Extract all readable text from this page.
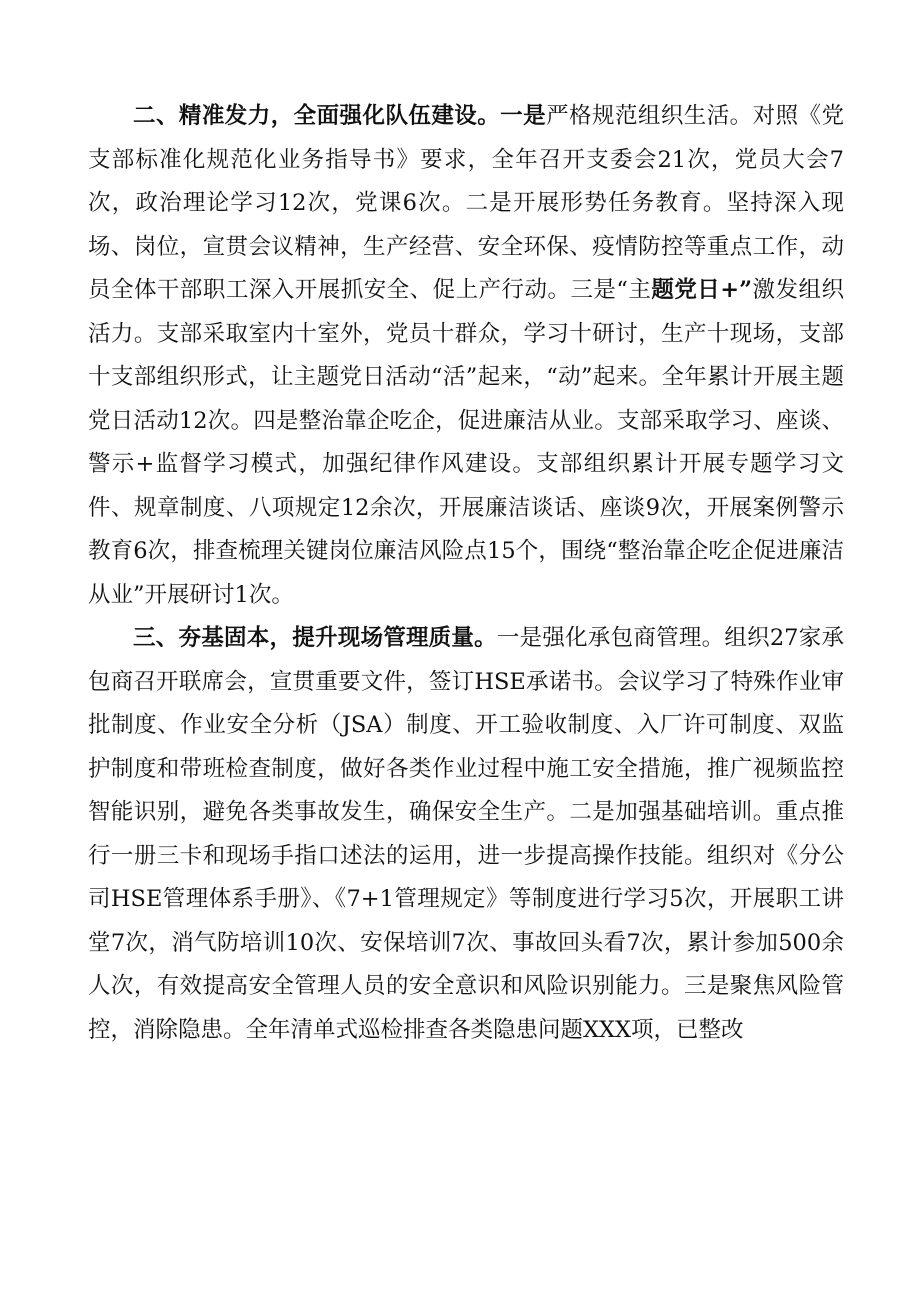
二、精准发力，全面强化队伍建设。一是严格规范组织生活。对照《党支部标准化规范化业务指导书》要求，全年召开支委会21次，党员大会7次，政治理论学习12次，党课6次。二是开展形势任务教育。坚持深入现场、岗位，宣贯会议精神，生产经营、安全环保、疫情防控等重点工作，动员全体干部职工深入开展抓安全、促上产行动。三是“主题党日+”激发组织活力。支部采取室内十室外，党员十群众，学习十研讨，生产十现场，支部十支部组织形式，让主题党日活动“活”起来，“动”起来。全年累计开展主题党日活动12次。四是整治靠企吃企，促进廉洁从业。支部采取学习、座谈、警示+监督学习模式，加强纪律作风建设。支部组织累计开展专题学习文件、规章制度、八项规定12余次，开展廉洁谈话、座谈9次，开展案例警示教育6次，排查梳理关键岗位廉洁风险点15个，围绕“整治靠企吃企促进廉洁从业”开展研讨1次。

三、夯基固本，提升现场管理质量。一是强化承包商管理。组织27家承包商召开联席会，宣贯重要文件，签订HSE承诺书。会议学习了特殊作业审批制度、作业安全分析（JSA）制度、开工验收制度、入厂许可制度、双监护制度和带班检查制度，做好各类作业过程中施工安全措施，推广视频监控智能识别，避免各类事故发生，确保安全生产。二是加强基础培训。重点推行一册三卡和现场手指口述法的运用，进一步提高操作技能。组织对《分公司HSE管理体系手册》、《7+1管理规定》等制度进行学习5次，开展职工讲堂7次，消气防培训10次、安保培训7次、事故回头看7次，累计参加500余人次，有效提高安全管理人员的安全意识和风险识别能力。三是聚焦风险管控，消除隐患。全年清单式巡检排查各类隐患问题XXX项，已整改
